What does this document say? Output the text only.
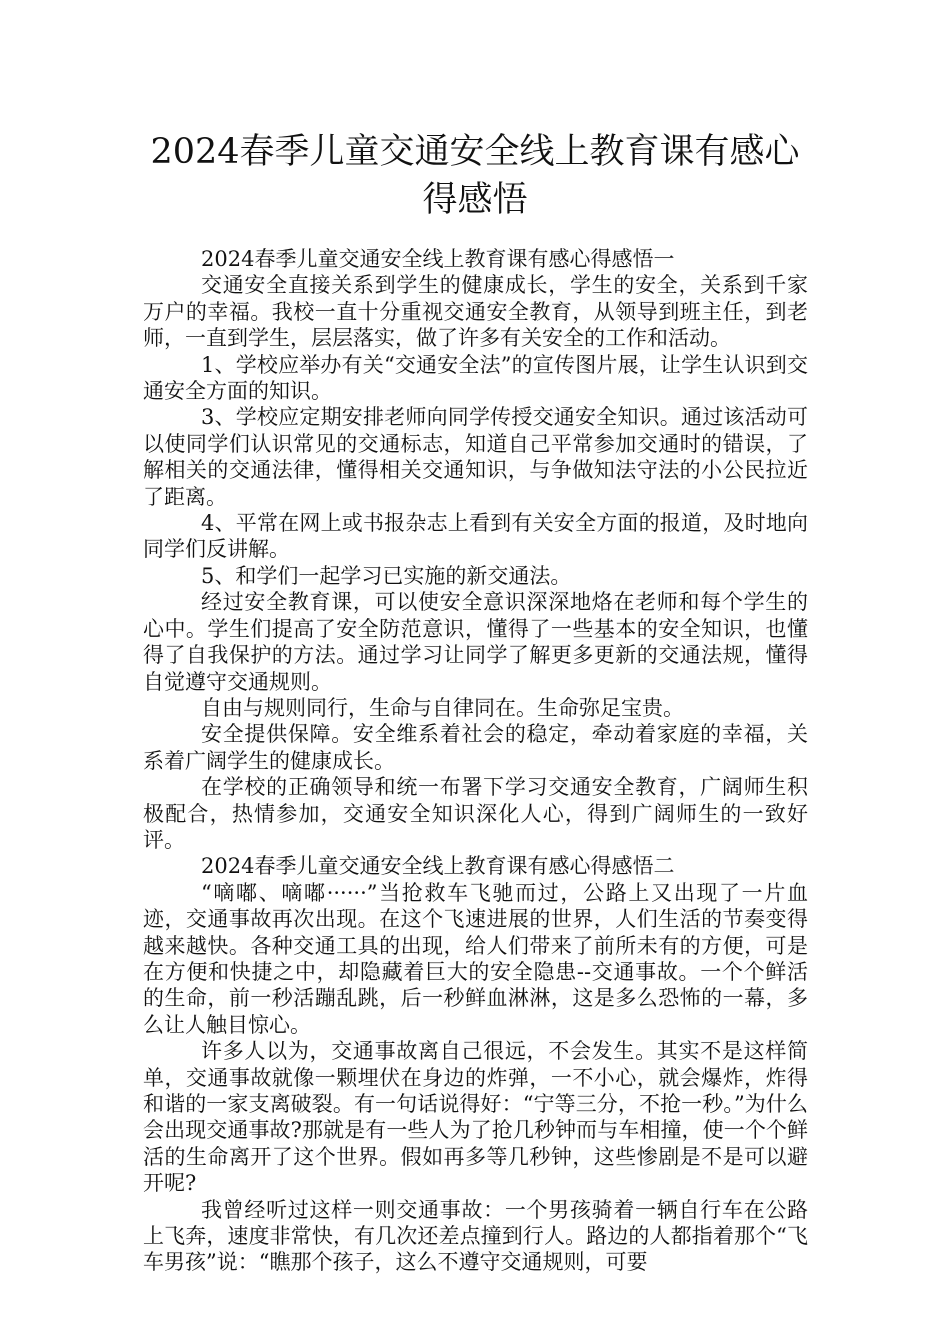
2024春季儿童交通安全线上教育课有感心
得感悟

2024春季儿童交通安全线上教育课有感心得感悟一

交通安全直接关系到学生的健康成长，学生的安全，关系到千家万户的幸福。我校一直十分重视交通安全教育，从领导到班主任，到老师，一直到学生，层层落实，做了许多有关安全的工作和活动。

1、学校应举办有关“交通安全法”的宣传图片展，让学生认识到交通安全方面的知识。

3、学校应定期安排老师向同学传授交通安全知识。通过该活动可以使同学们认识常见的交通标志，知道自己平常参加交通时的错误，了解相关的交通法律，懂得相关交通知识，与争做知法守法的小公民拉近了距离。

4、平常在网上或书报杂志上看到有关安全方面的报道，及时地向同学们反讲解。

5、和学们一起学习已实施的新交通法。

经过安全教育课，可以使安全意识深深地烙在老师和每个学生的心中。学生们提高了安全防范意识，懂得了一些基本的安全知识，也懂得了自我保护的方法。通过学习让同学了解更多更新的交通法规，懂得自觉遵守交通规则。

自由与规则同行，生命与自律同在。生命弥足宝贵。

安全提供保障。安全维系着社会的稳定，牵动着家庭的幸福，关系着广阔学生的健康成长。

在学校的正确领导和统一布署下学习交通安全教育，广阔师生积极配合，热情参加，交通安全知识深化人心，得到广阔师生的一致好评。

2024春季儿童交通安全线上教育课有感心得感悟二

“嘀嘟、嘀嘟······”当抢救车飞驰而过，公路上又出现了一片血迹，交通事故再次出现。在这个飞速进展的世界，人们生活的节奏变得越来越快。各种交通工具的出现，给人们带来了前所未有的方便，可是在方便和快捷之中，却隐藏着巨大的安全隐患--交通事故。一个个鲜活的生命，前一秒活蹦乱跳，后一秒鲜血淋淋，这是多么恐怖的一幕，多么让人触目惊心。

许多人以为，交通事故离自己很远，不会发生。其实不是这样简单，交通事故就像一颗埋伏在身边的炸弹，一不小心，就会爆炸，炸得和谐的一家支离破裂。有一句话说得好：“宁等三分，不抢一秒。”为什么会出现交通事故?那就是有一些人为了抢几秒钟而与车相撞，使一个个鲜活的生命离开了这个世界。假如再多等几秒钟，这些惨剧是不是可以避开呢?

我曾经听过这样一则交通事故：一个男孩骑着一辆自行车在公路上飞奔，速度非常快，有几次还差点撞到行人。路边的人都指着那个“飞车男孩”说：“瞧那个孩子，这么不遵守交通规则，可要
